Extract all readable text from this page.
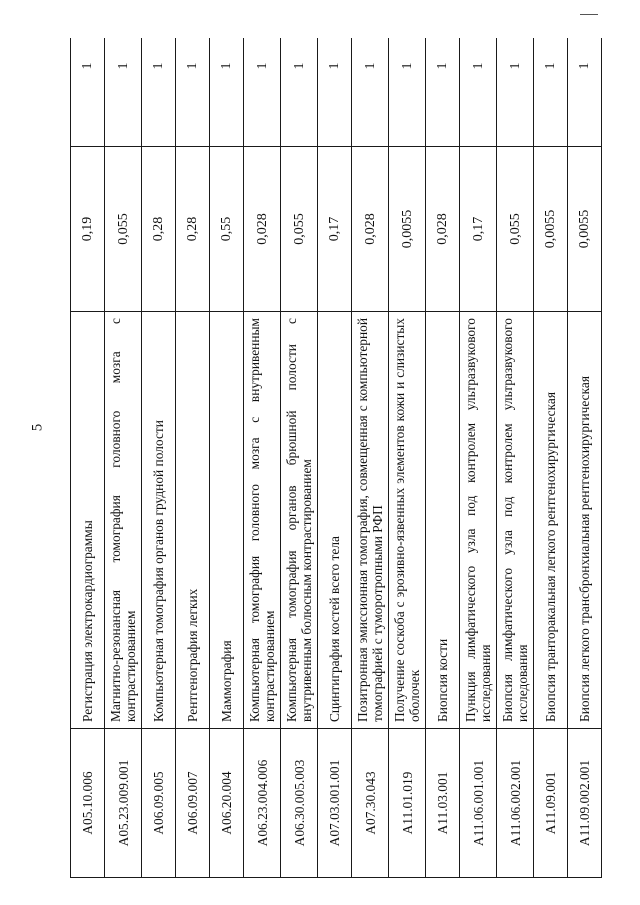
5
A05.10.006	Регистрация электрокардиограммы	0,19	1
A05.23.009.001	Магнитно-резонансная томография головного мозга с контрастированием	0,055	1
A06.09.005	Компьютерная томография органов грудной полости	0,28	1
A06.09.007	Рентгенография легких	0,28	1
A06.20.004	Маммография	0,55	1
A06.23.004.006	Компьютерная томография головного мозга с внутривенным контрастированием	0,028	1
A06.30.005.003	Компьютерная томография органов брюшной полости с внутривенным болюсным контрастированием	0,055	1
A07.03.001.001	Сцинтиграфия костей всего тела	0,17	1
A07.30.043	Позитронная эмиссионная томография, совмещенная с компьютерной томографией с туморотропными РФП	0,028	1
A11.01.019	Получение соскоба с эрозивно-язвенных элементов кожи и слизистых оболочек	0,0055	1
A11.03.001	Биопсия кости	0,028	1
A11.06.001.001	Пункция лимфатического узла под контролем ультразвукового исследования	0,17	1
A11.06.002.001	Биопсия лимфатического узла под контролем ультразвукового исследования	0,055	1
A11.09.001	Биопсия транторакальная легкого рентгенохирургическая	0,0055	1
A11.09.002.001	Биопсия легкого трансбронхиальная рентгенохирургическая	0,0055	1
